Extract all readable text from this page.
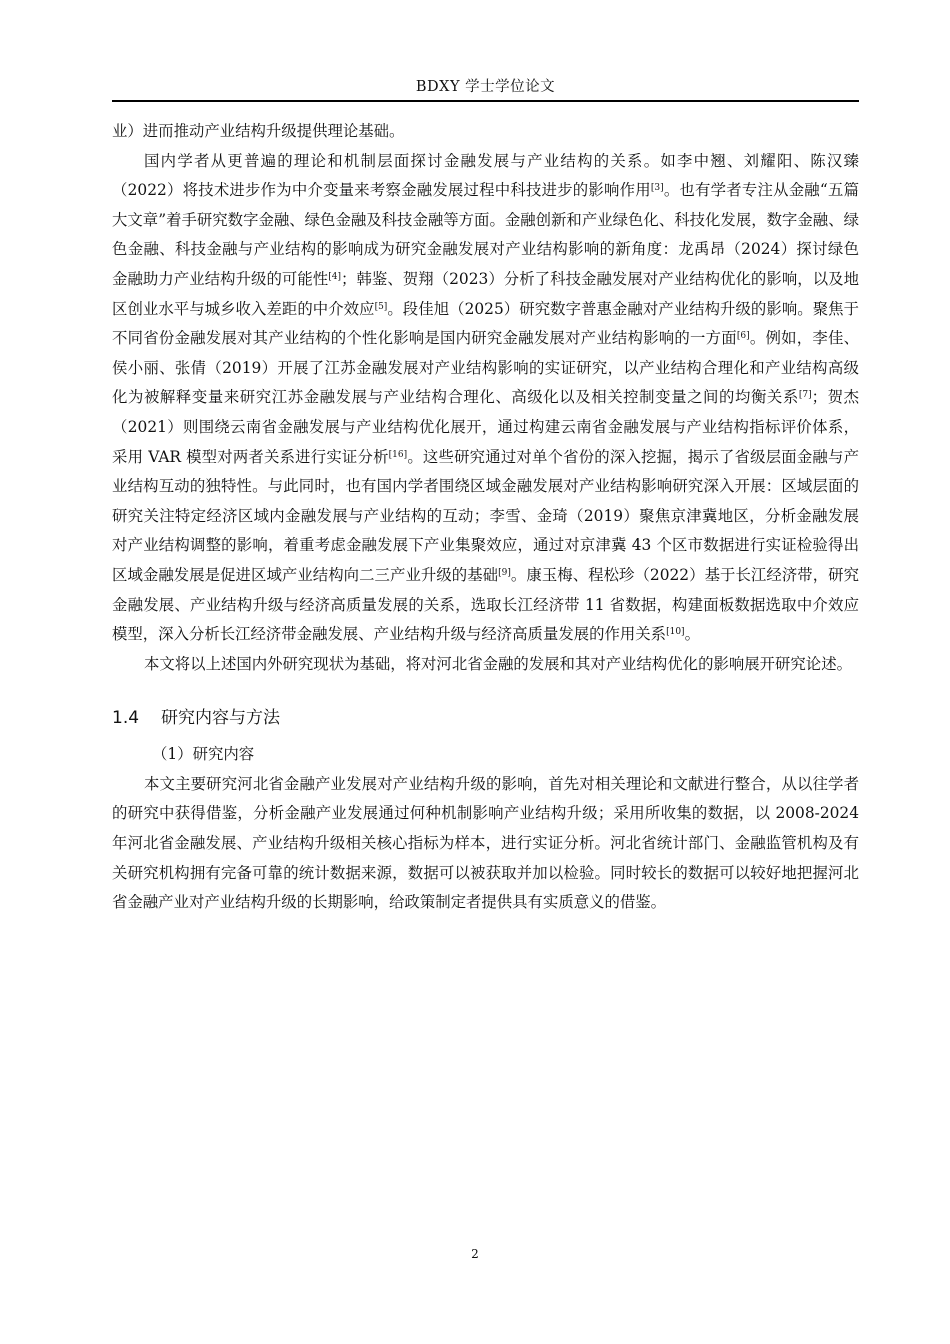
BDXY 学士学位论文

业）进而推动产业结构升级提供理论基础。

国内学者从更普遍的理论和机制层面探讨金融发展与产业结构的关系。如李中翘、刘耀阳、陈汉臻（2022）将技术进步作为中介变量来考察金融发展过程中科技进步的影响作用[3]。也有学者专注从金融“五篇大文章”着手研究数字金融、绿色金融及科技金融等方面。金融创新和产业绿色化、科技化发展，数字金融、绿色金融、科技金融与产业结构的影响成为研究金融发展对产业结构影响的新角度：龙禹昂（2024）探讨绿色金融助力产业结构升级的可能性[4]；韩鉴、贺翔（2023）分析了科技金融发展对产业结构优化的影响，以及地区创业水平与城乡收入差距的中介效应[5]。段佳旭（2025）研究数字普惠金融对产业结构升级的影响。聚焦于不同省份金融发展对其产业结构的个性化影响是国内研究金融发展对产业结构影响的一方面[6]。例如，李佳、侯小丽、张倩（2019）开展了江苏金融发展对产业结构影响的实证研究，以产业结构合理化和产业结构高级化为被解释变量来研究江苏金融发展与产业结构合理化、高级化以及相关控制变量之间的均衡关系[7]；贺杰（2021）则围绕云南省金融发展与产业结构优化展开，通过构建云南省金融发展与产业结构指标评价体系，采用 VAR 模型对两者关系进行实证分析[16]。这些研究通过对单个省份的深入挖掘，揭示了省级层面金融与产业结构互动的独特性。与此同时，也有国内学者围绕区域金融发展对产业结构影响研究深入开展：区域层面的研究关注特定经济区域内金融发展与产业结构的互动；李雪、金琦（2019）聚焦京津冀地区，分析金融发展对产业结构调整的影响，着重考虑金融发展下产业集聚效应，通过对京津冀 43 个区市数据进行实证检验得出区域金融发展是促进区域产业结构向二三产业升级的基础[9]。康玉梅、程松珍（2022）基于长江经济带，研究金融发展、产业结构升级与经济高质量发展的关系，选取长江经济带 11 省数据，构建面板数据选取中介效应模型，深入分析长江经济带金融发展、产业结构升级与经济高质量发展的作用关系[10]。

本文将以上述国内外研究现状为基础，将对河北省金融的发展和其对产业结构优化的影响展开研究论述。

1.4 研究内容与方法

（1）研究内容

本文主要研究河北省金融产业发展对产业结构升级的影响，首先对相关理论和文献进行整合，从以往学者的研究中获得借鉴，分析金融产业发展通过何种机制影响产业结构升级；采用所收集的数据，以 2008-2024 年河北省金融发展、产业结构升级相关核心指标为样本，进行实证分析。河北省统计部门、金融监管机构及有关研究机构拥有完备可靠的统计数据来源，数据可以被获取并加以检验。同时较长的数据可以较好地把握河北省金融产业对产业结构升级的长期影响，给政策制定者提供具有实质意义的借鉴。

2
